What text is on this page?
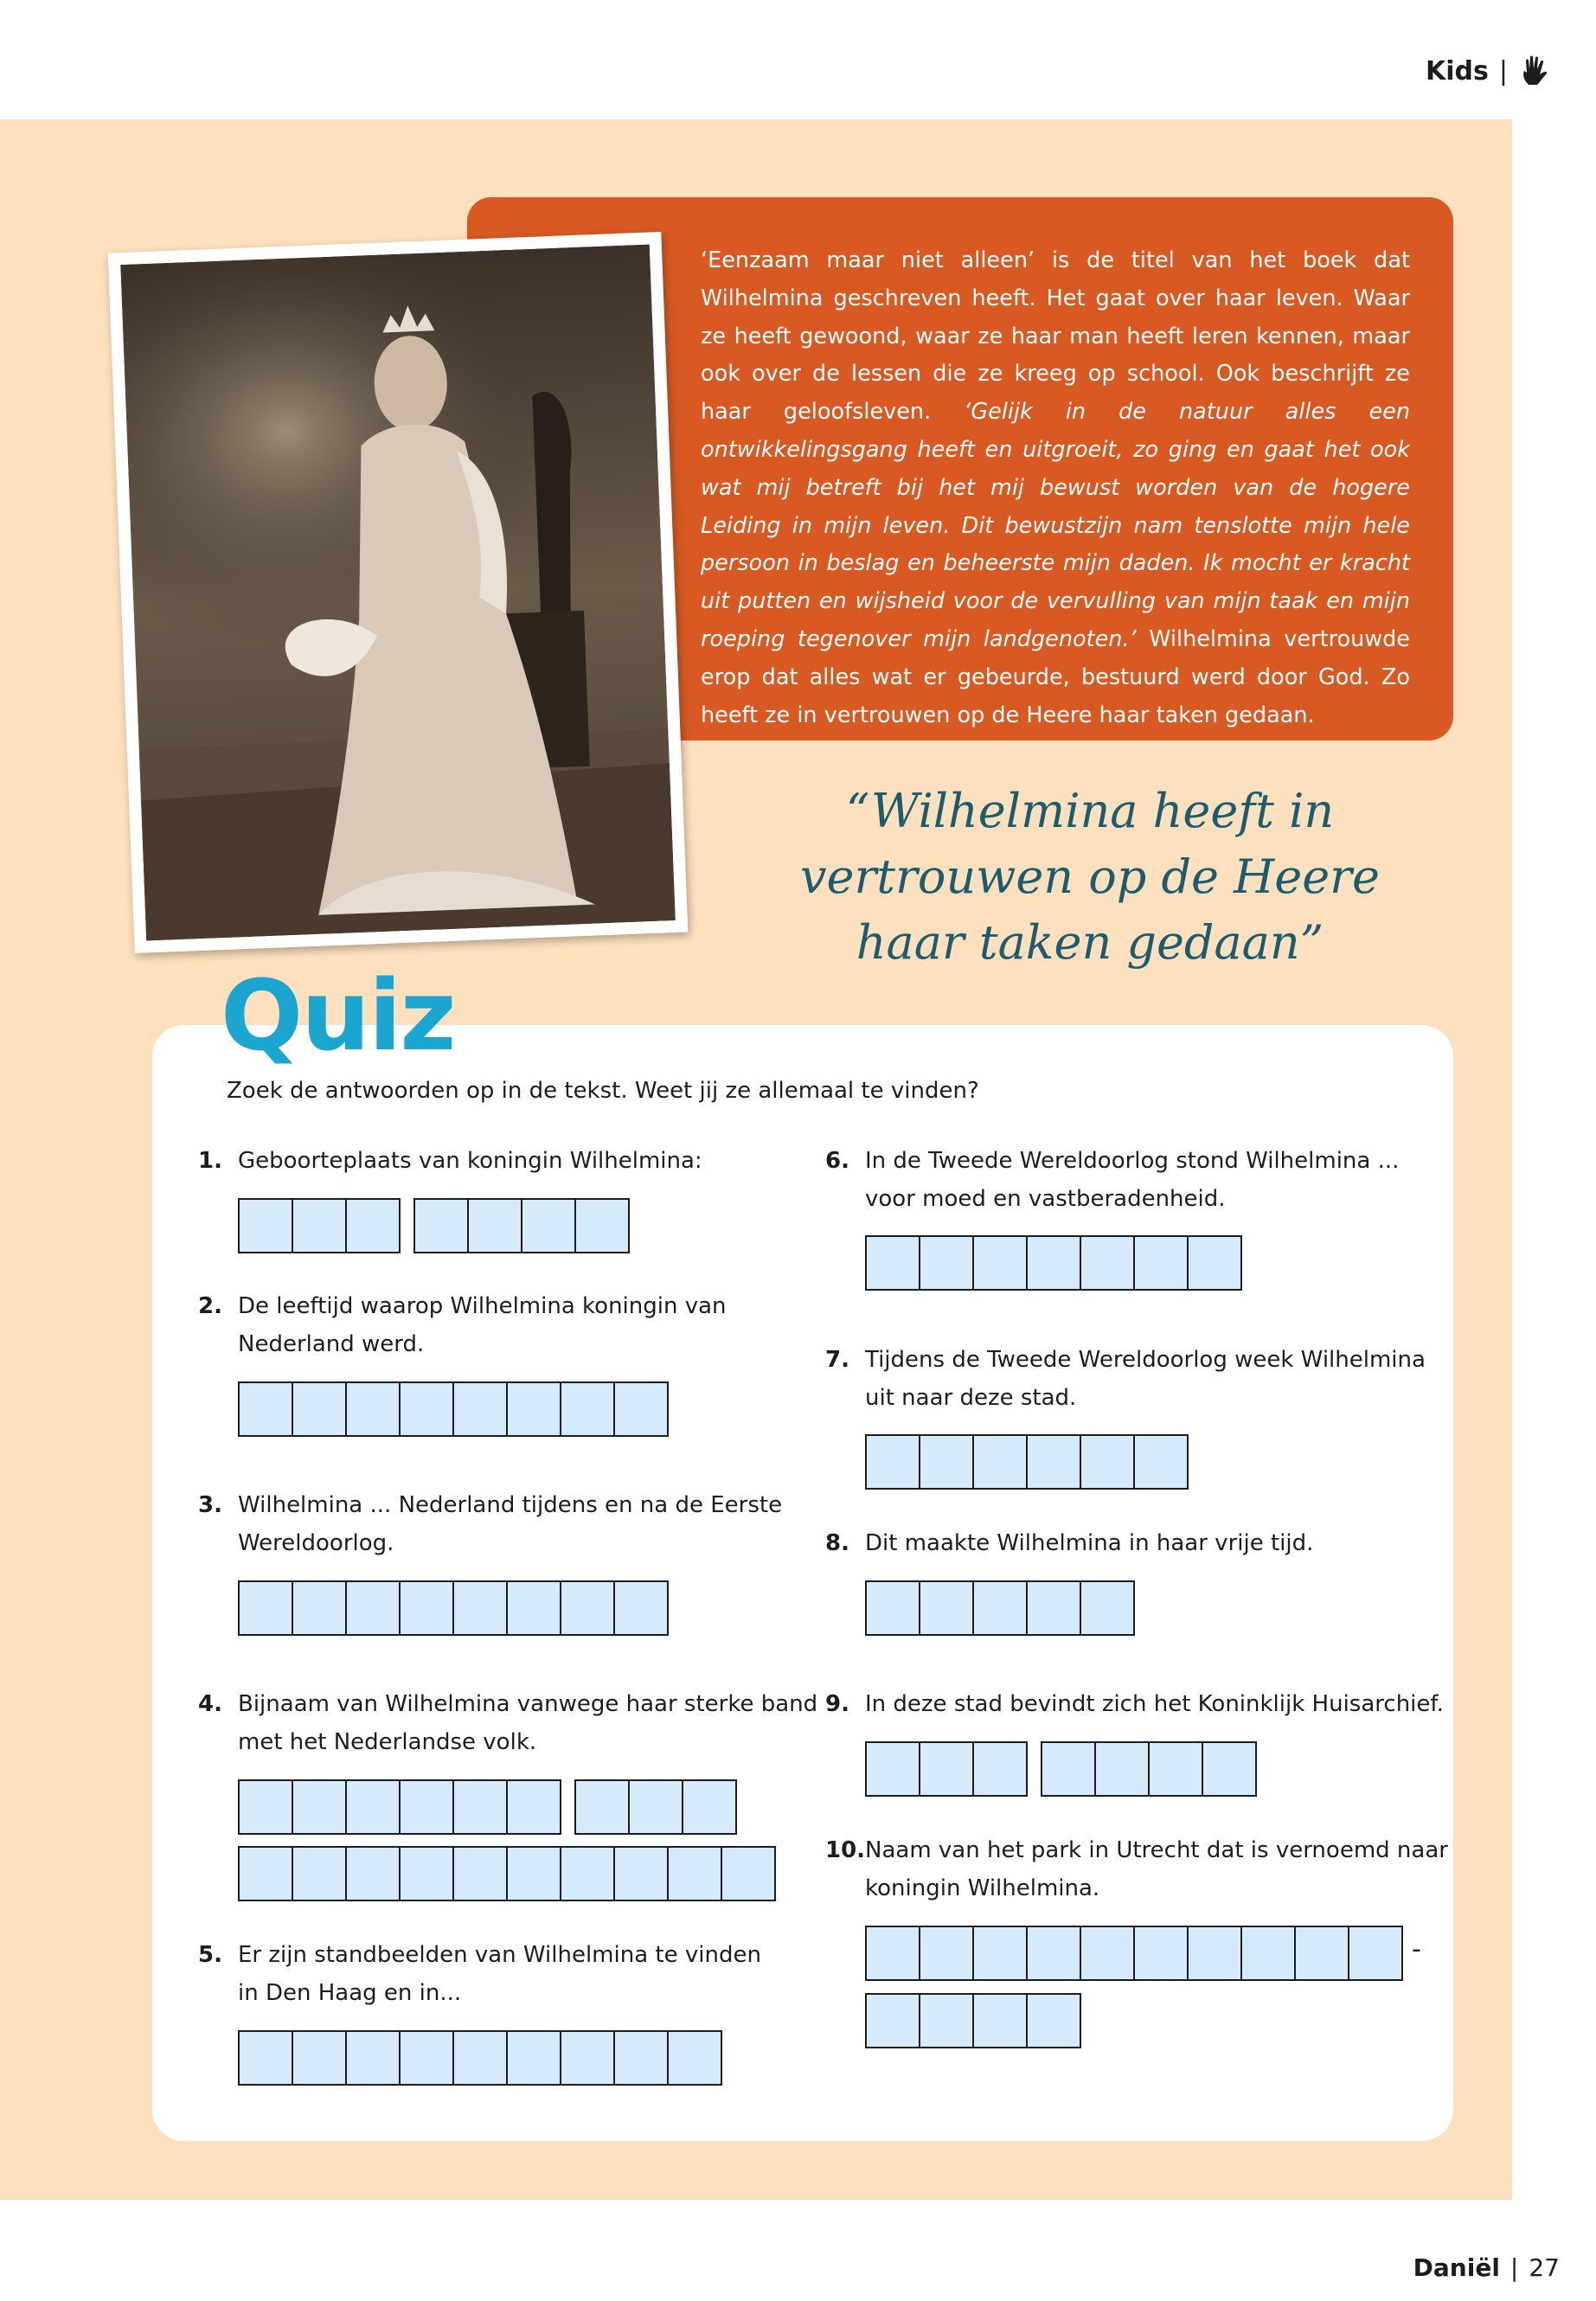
Kids |
‘Eenzaam maar niet alleen’ is de titel van het boek dat Wilhelmina geschreven heeft. Het gaat over haar leven. Waar ze heeft gewoond, waar ze haar man heeft leren kennen, maar ook over de lessen die ze kreeg op school. Ook beschrijft ze haar geloofsleven. ‘Gelijk in de natuur alles een ontwikkelingsgang heeft en uitgroeit, zo ging en gaat het ook wat mij betreft bij het mij bewust worden van de hogere Leiding in mijn leven. Dit bewustzijn nam tenslotte mijn hele persoon in beslag en beheerste mijn daden. Ik mocht er kracht uit putten en wijsheid voor de vervulling van mijn taak en mijn roeping tegenover mijn landgenoten.’ Wilhelmina vertrouwde erop dat alles wat er gebeurde, bestuurd werd door God. Zo heeft ze in vertrouwen op de Heere haar taken gedaan.
“Wilhelmina heeft in
vertrouwen op de Heere
haar taken gedaan”
Quiz
Zoek de antwoorden op in de tekst. Weet jij ze allemaal te vinden?
1. Geboorteplaats van koningin Wilhelmina:
2. De leeftijd waarop Wilhelmina koningin van
Nederland werd.
3. Wilhelmina ... Nederland tijdens en na de Eerste
Wereldoorlog.
4. Bijnaam van Wilhelmina vanwege haar sterke band
met het Nederlandse volk.
5. Er zijn standbeelden van Wilhelmina te vinden
in Den Haag en in...
6. In de Tweede Wereldoorlog stond Wilhelmina ...
voor moed en vastberadenheid.
7. Tijdens de Tweede Wereldoorlog week Wilhelmina
uit naar deze stad.
8. Dit maakte Wilhelmina in haar vrije tijd.
9. In deze stad bevindt zich het Koninklijk Huisarchief.
10. Naam van het park in Utrecht dat is vernoemd naar
koningin Wilhelmina.
-
Daniël | 27
